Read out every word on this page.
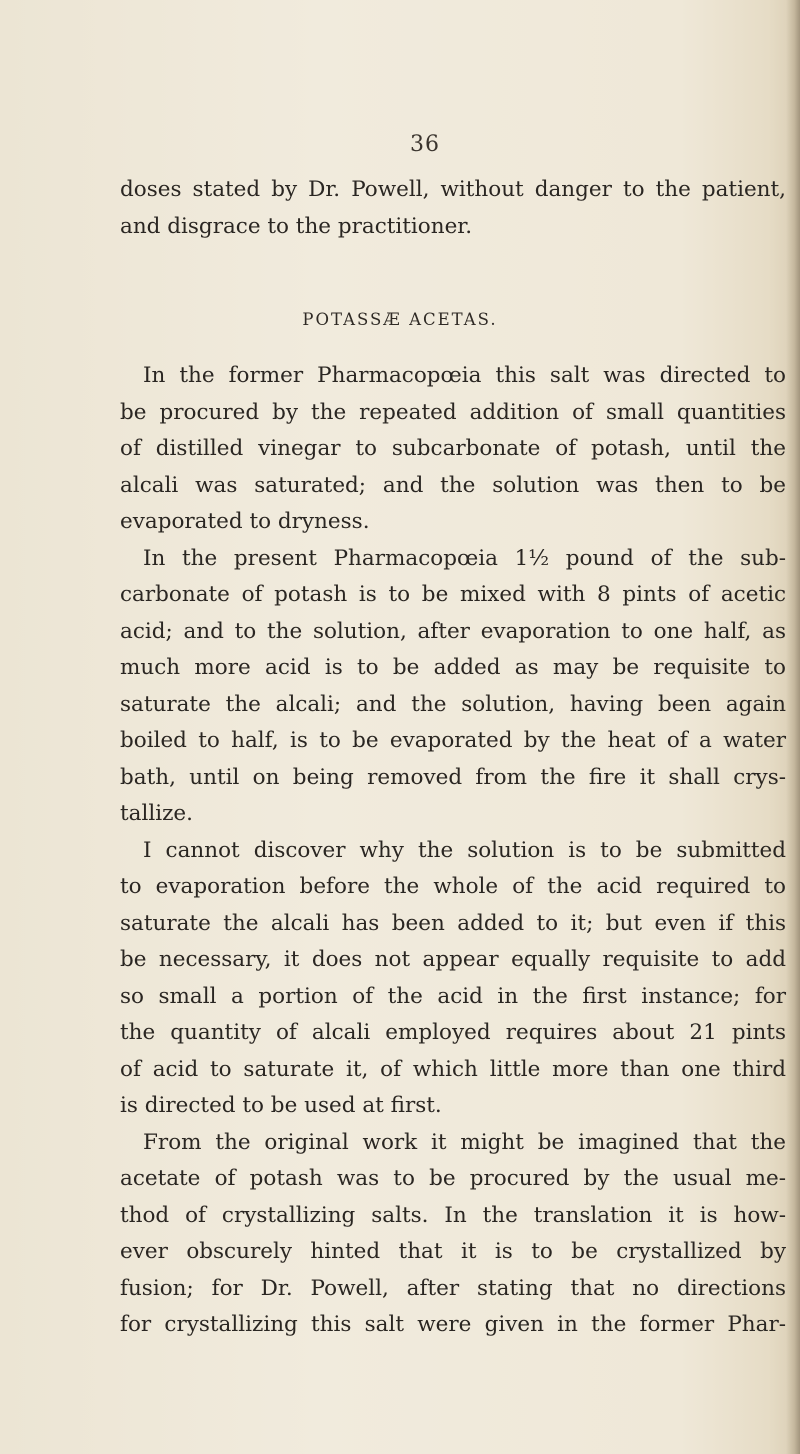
36
doses stated by Dr. Powell, without danger to the patient,
and disgrace to the practitioner.
POTASSÆ ACETAS.
In the former Pharmacopœia this salt was directed to
be procured by the repeated addition of small quantities
of distilled vinegar to subcarbonate of potash, until the
alcali was saturated; and the solution was then to be
evaporated to dryness.
In the present Pharmacopœia 1½ pound of the sub-
carbonate of potash is to be mixed with 8 pints of acetic
acid; and to the solution, after evaporation to one half, as
much more acid is to be added as may be requisite to
saturate the alcali; and the solution, having been again
boiled to half, is to be evaporated by the heat of a water
bath, until on being removed from the fire it shall crys-
tallize.
I cannot discover why the solution is to be submitted
to evaporation before the whole of the acid required to
saturate the alcali has been added to it; but even if this
be necessary, it does not appear equally requisite to add
so small a portion of the acid in the first instance; for
the quantity of alcali employed requires about 21 pints
of acid to saturate it, of which little more than one third
is directed to be used at first.
From the original work it might be imagined that the
acetate of potash was to be procured by the usual me-
thod of crystallizing salts. In the translation it is how-
ever obscurely hinted that it is to be crystallized by
fusion; for Dr. Powell, after stating that no directions
for crystallizing this salt were given in the former Phar-
